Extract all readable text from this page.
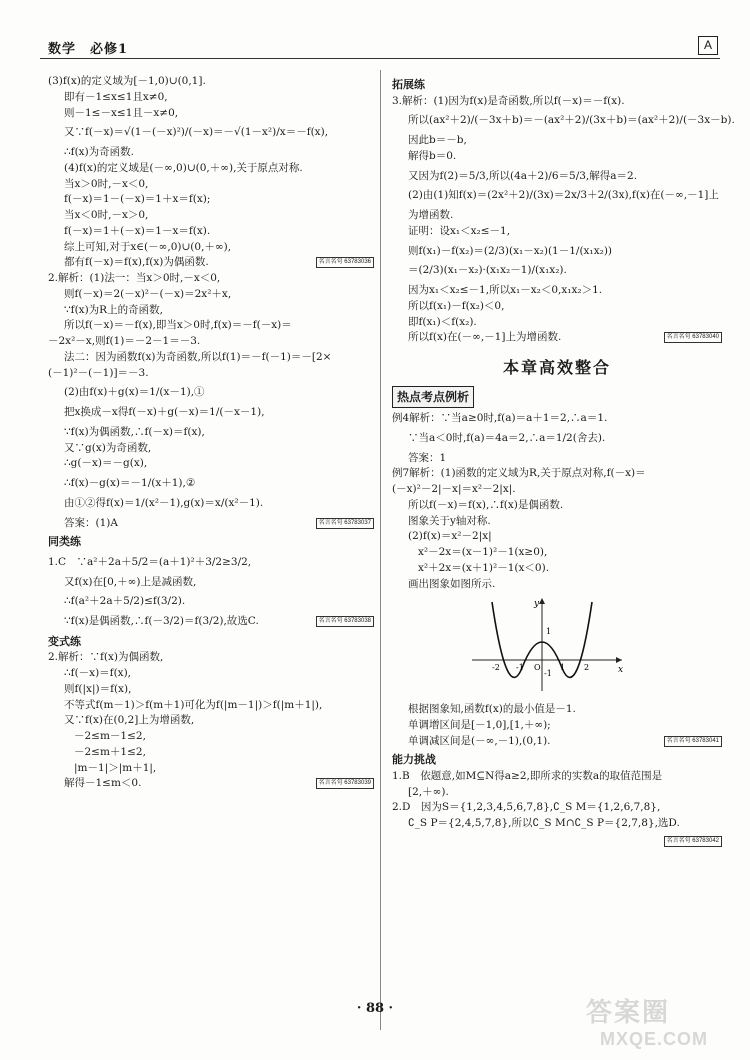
数学　必修1	A
(3)f(x)的定义域为[－1,0)∪(0,1].
即有－1≤x≤1且x≠0,
则－1≤－x≤1且－x≠0,
又∵f(－x)＝√(1－(－x)²)/(－x)＝－√(1－x²)/x＝－f(x),
∴f(x)为奇函数.
(4)f(x)的定义域是(－∞,0)∪(0,＋∞),关于原点对称.
当x＞0时,－x＜0,
f(－x)＝1－(－x)＝1＋x＝f(x);
当x＜0时,－x＞0,
f(－x)＝1＋(－x)＝1－x＝f(x).
综上可知,对于x∈(－∞,0)∪(0,＋∞),
都有f(－x)＝f(x),f(x)为偶函数.	名言名句 63783036
2.解析：(1)法一：当x＞0时,－x＜0,
则f(－x)＝2(－x)²－(－x)＝2x²＋x,
∵f(x)为R上的奇函数,
所以f(－x)＝－f(x),即当x＞0时,f(x)＝－f(－x)＝
－2x²－x,则f(1)＝－2－1＝－3.
法二：因为函数f(x)为奇函数,所以f(1)＝－f(－1)＝－[2×
(－1)²－(－1)]＝－3.
(2)由f(x)＋g(x)＝1/(x－1),①
把x换成－x得f(－x)＋g(－x)＝1/(－x－1),
∵f(x)为偶函数,∴f(－x)＝f(x),
又∵g(x)为奇函数,
∴g(－x)＝－g(x),
∴f(x)－g(x)＝－1/(x＋1),②
由①②得f(x)＝1/(x²－1),g(x)＝x/(x²－1).
答案：(1)A	名言名句 63783037
同类练
1.C　∵a²＋2a＋5/2＝(a＋1)²＋3/2≥3/2,
又f(x)在[0,＋∞)上是减函数,
∴f(a²＋2a＋5/2)≤f(3/2).
∵f(x)是偶函数,∴f(－3/2)＝f(3/2),故选C.	名言名句 63783038
变式练
2.解析：∵f(x)为偶函数,
∴f(－x)＝f(x),
则f(|x|)＝f(x),
不等式f(m－1)＞f(m＋1)可化为f(|m－1|)＞f(|m＋1|),
又∵f(x)在(0,2]上为增函数,
－2≤m－1≤2,
－2≤m＋1≤2,
|m－1|＞|m＋1|,
解得－1≤m＜0.	名言名句 63783039
拓展练
3.解析：(1)因为f(x)是奇函数,所以f(－x)＝－f(x).
所以(ax²＋2)/(－3x＋b)＝－(ax²＋2)/(3x＋b)＝(ax²＋2)/(－3x－b).
因此b＝－b,
解得b＝0.
又因为f(2)＝5/3,所以(4a＋2)/6＝5/3,解得a＝2.
(2)由(1)知f(x)＝(2x²＋2)/(3x)＝2x/3＋2/(3x),f(x)在(－∞,－1]上
为增函数.
证明：设x₁＜x₂≤－1,
则f(x₁)－f(x₂)＝(2/3)(x₁－x₂)(1－1/(x₁x₂))
＝(2/3)(x₁－x₂)·(x₁x₂－1)/(x₁x₂).
因为x₁＜x₂≤－1,所以x₁－x₂＜0,x₁x₂＞1.
所以f(x₁)－f(x₂)＜0,
即f(x₁)＜f(x₂).
所以f(x)在(－∞,－1]上为增函数.	名言名句 63783040
本章高效整合
热点考点例析
例4解析：∵当a≥0时,f(a)＝a＋1＝2,∴a＝1.
∵当a＜0时,f(a)＝4a＝2,∴a＝1/2(舍去).
答案：1
例7解析：(1)函数的定义域为R,关于原点对称,f(－x)＝
(－x)²－2|－x|＝x²－2|x|.
所以f(－x)＝f(x),∴f(x)是偶函数.
图象关于y轴对称.
(2)f(x)＝x²－2|x|
x²－2x＝(x－1)²－1(x≥0),
x²＋2x＝(x＋1)²－1(x＜0).
画出图象如图所示.
y
x
1
-1
-2 -1 O 1 2
根据图象知,函数f(x)的最小值是－1.
单调增区间是[－1,0],[1,＋∞);
单调减区间是(－∞,－1),(0,1).	名言名句 63783041
能力挑战
1.B　依题意,如M⊆N得a≥2,即所求的实数a的取值范围是
[2,＋∞).
2.D　因为S＝{1,2,3,4,5,6,7,8},∁_S M＝{1,2,6,7,8},
∁_S P＝{2,4,5,7,8},所以∁_S M∩∁_S P＝{2,7,8},选D.
名言名句 63783042
· 88 ·	答案圈
MXQE.COM
